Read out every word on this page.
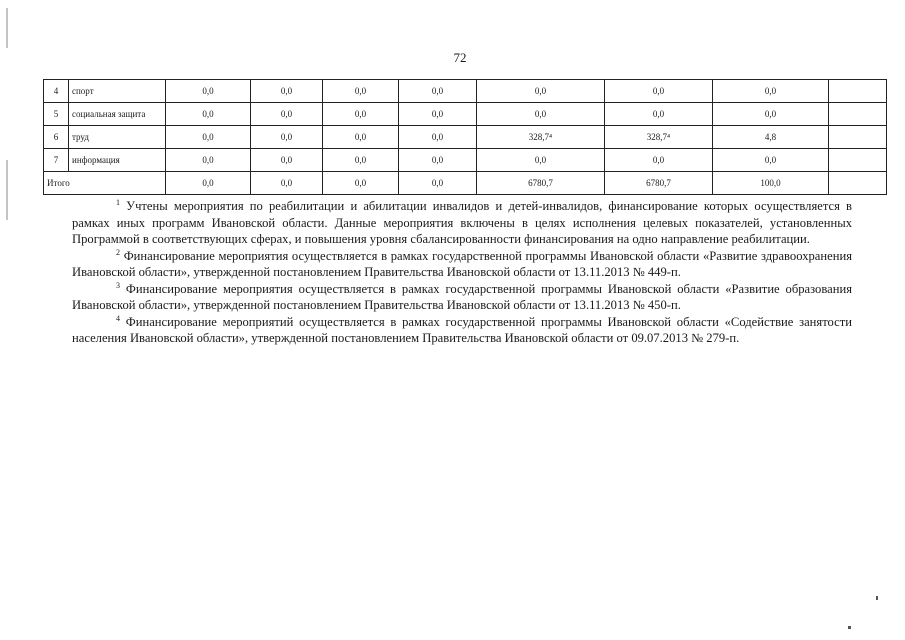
72
4	спорт	0,0	0,0	0,0	0,0	0,0	0,0	0,0	
5	социальная защита	0,0	0,0	0,0	0,0	0,0	0,0	0,0	
6	труд	0,0	0,0	0,0	0,0	328,7⁴	328,7⁴	4,8	
7	информация	0,0	0,0	0,0	0,0	0,0	0,0	0,0	
Итого		0,0	0,0	0,0	0,0	6780,7	6780,7	100,0	

$^1$ Учтены мероприятия по реабилитации и абилитации инвалидов и детей-инвалидов, финансирование которых осуществляется в рамках иных программ Ивановской области. Данные мероприятия включены в целях исполнения целевых показателей, установленных Программой в соответствующих сферах, и повышения уровня сбалансированности финансирования на одно направление реабилитации.

$^2$ Финансирование мероприятия осуществляется в рамках государственной программы Ивановской области «Развитие здравоохранения Ивановской области», утвержденной постановлением Правительства Ивановской области от 13.11.2013 № 449-п.

$^3$ Финансирование мероприятия осуществляется в рамках государственной программы Ивановской области «Развитие образования Ивановской области», утвержденной постановлением Правительства Ивановской области от 13.11.2013 № 450-п.

$^4$ Финансирование мероприятий осуществляется в рамках государственной программы Ивановской области «Содействие занятости населения Ивановской области», утвержденной постановлением Правительства Ивановской области от 09.07.2013 № 279-п.
